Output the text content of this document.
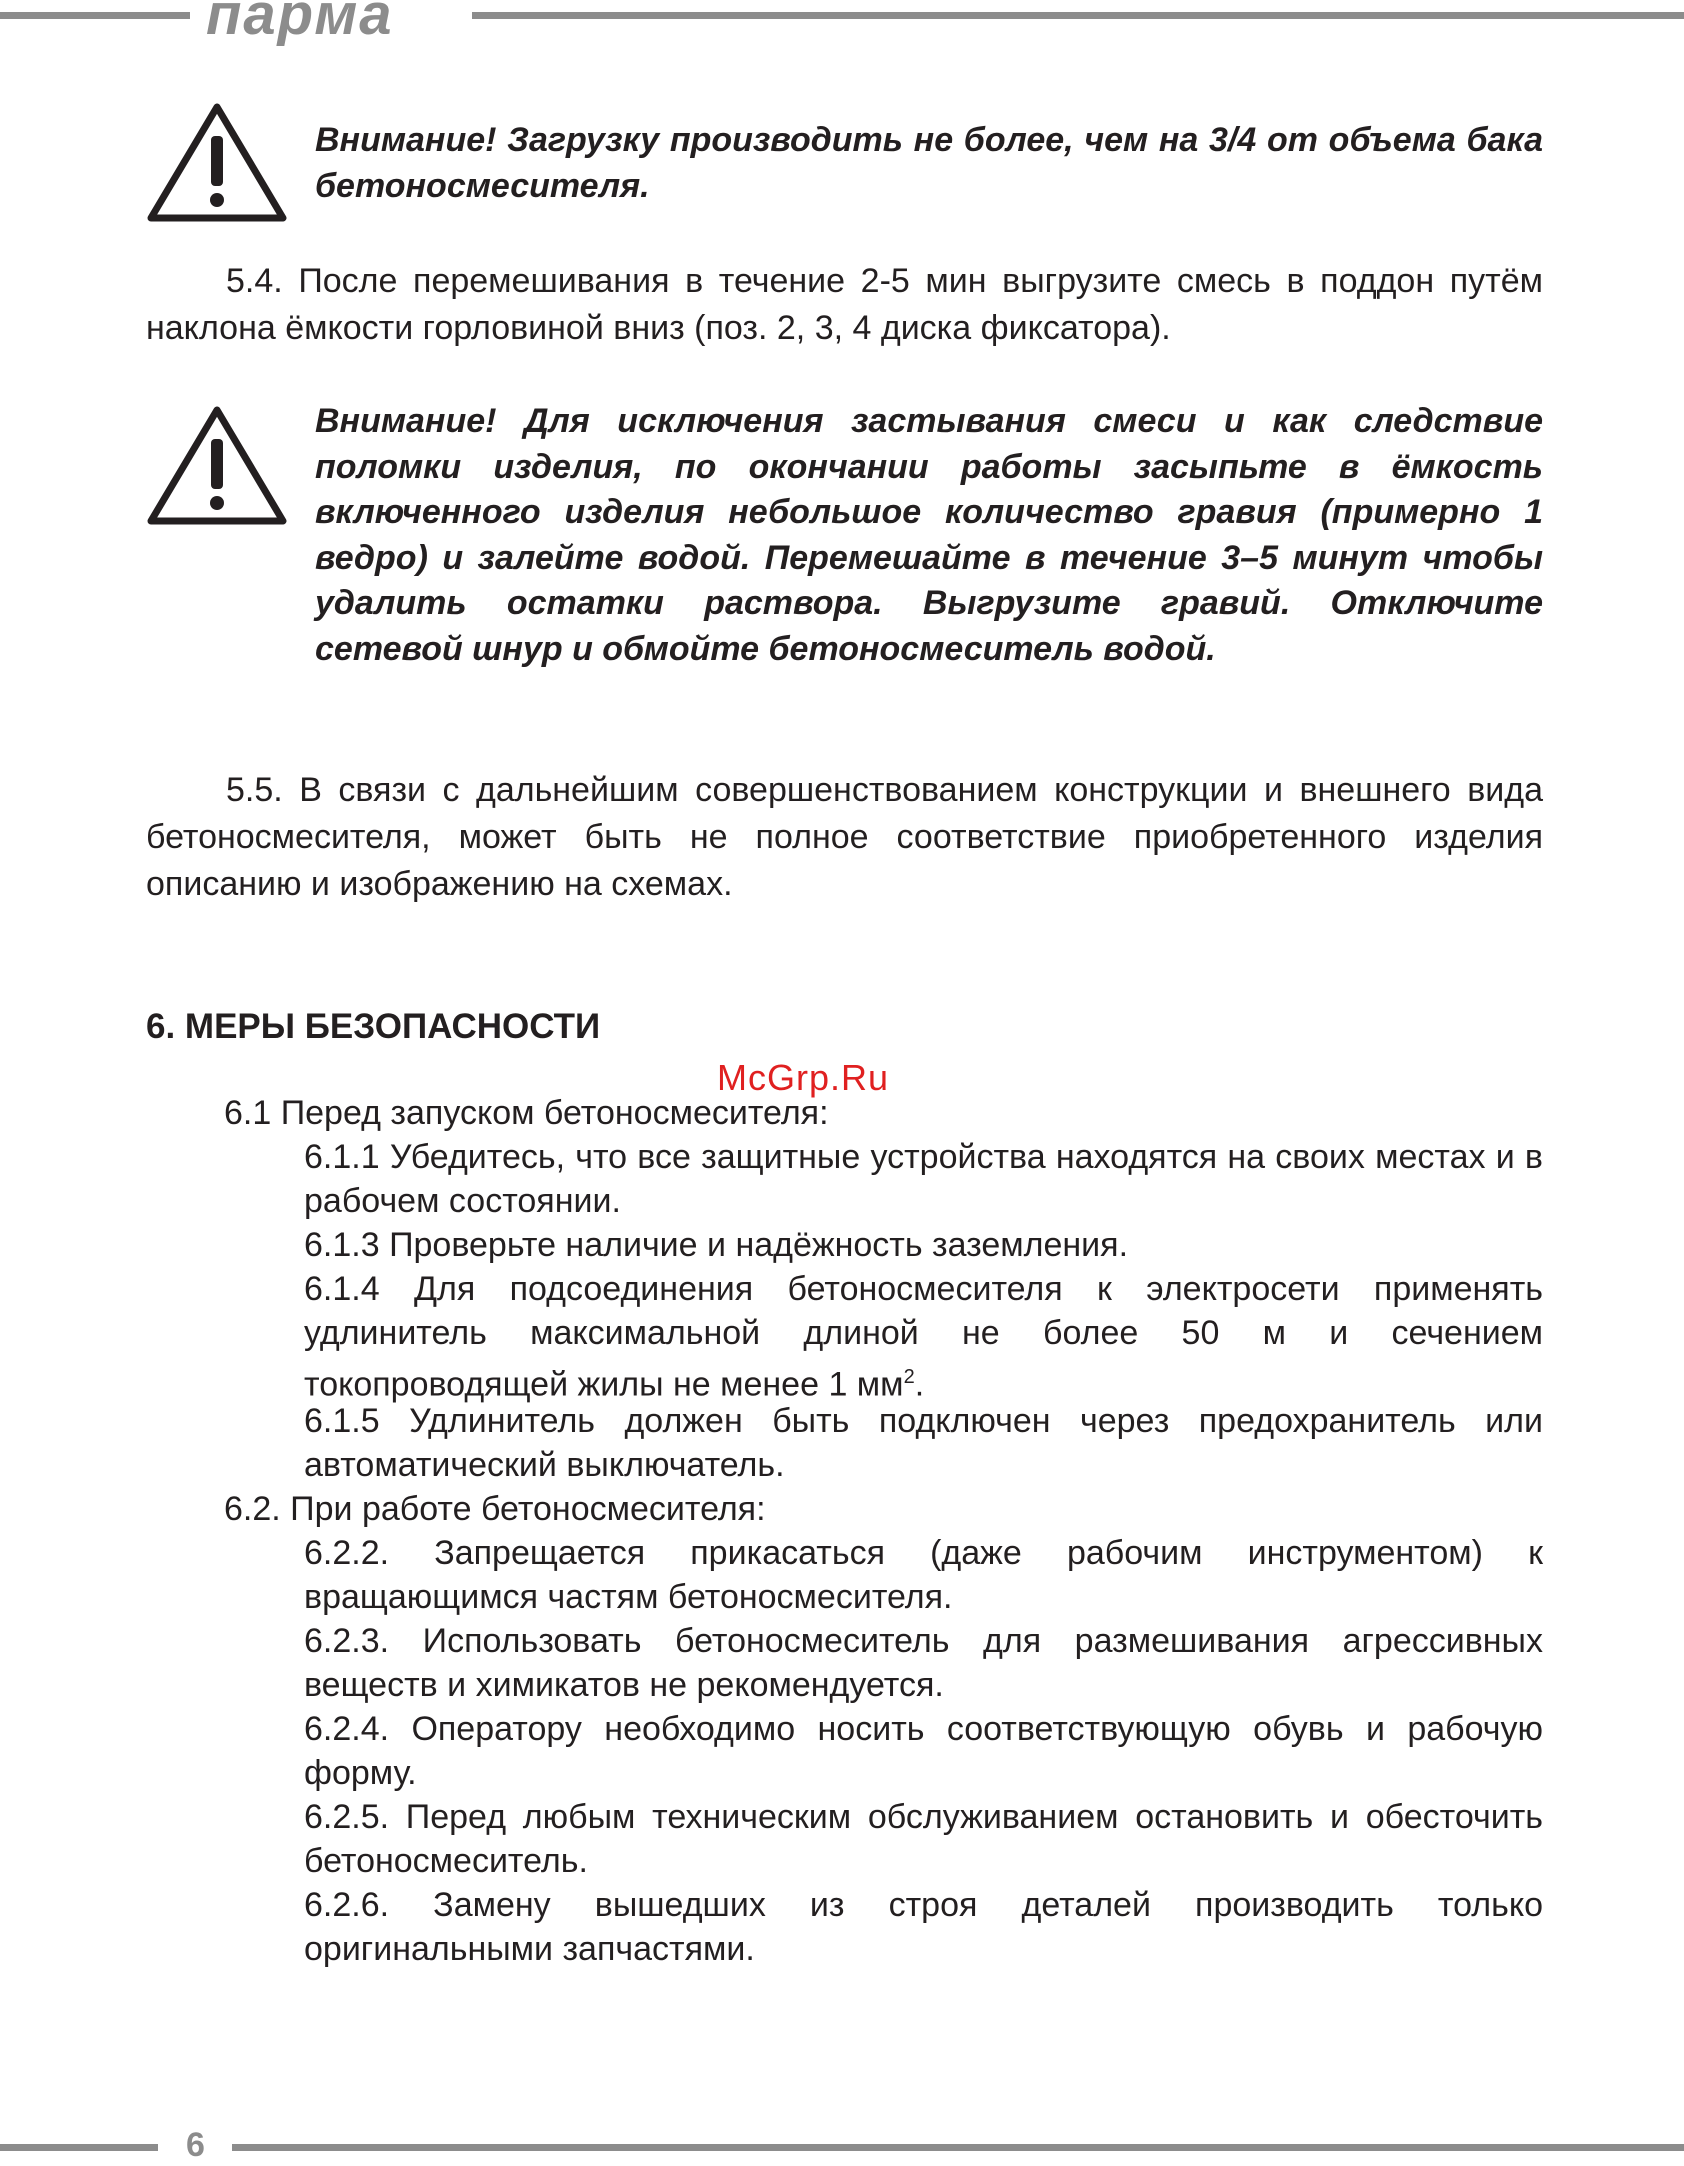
парма

Внимание! Загрузку производить не более, чем на 3/4 от объема бака бетоносмесителя.

5.4. После перемешивания в течение 2-5 мин выгрузите смесь в поддон путём наклона ёмкости горловиной вниз (поз. 2, 3, 4 диска фиксатора).

Внимание! Для исключения застывания смеси и как следствие поломки изделия, по окончании работы засыпьте в ёмкость включенного изделия небольшое количество гравия (примерно 1 ведро) и залейте водой. Перемешайте в течение 3–5 минут чтобы удалить остатки раствора. Выгрузите гравий. Отключите сетевой шнур и обмойте бетоносмеситель водой.

5.5. В связи с дальнейшим совершенствованием конструкции и внешнего вида бетоносмесителя, может быть не полное соответствие приобретенного изделия описанию и изображению на схемах.

6. МЕРЫ БЕЗОПАСНОСТИ
McGrp.Ru

6.1 Перед запуском бетоносмесителя:

6.1.1 Убедитесь, что все защитные устройства находятся на своих местах и в рабочем состоянии.

6.1.3 Проверьте наличие и надёжность заземления.

6.1.4 Для подсоединения бетоносмесителя к электросети применять удлинитель максимальной длиной не более 50 м и сечением токопроводящей жилы не менее 1 $мм^2$.

6.1.5 Удлинитель должен быть подключен через предохранитель или автоматический выключатель.

6.2. При работе бетоносмесителя:

6.2.2. Запрещается прикасаться (даже рабочим инструментом) к вращающимся частям бетоносмесителя.

6.2.3. Использовать бетоносмеситель для размешивания агрессивных веществ и химикатов не рекомендуется.

6.2.4. Оператору необходимо носить соответствующую обувь и рабочую форму.

6.2.5. Перед любым техническим обслуживанием остановить и обесточить бетоносмеситель.

6.2.6. Замену вышедших из строя деталей производить только оригинальными запчастями.

6
